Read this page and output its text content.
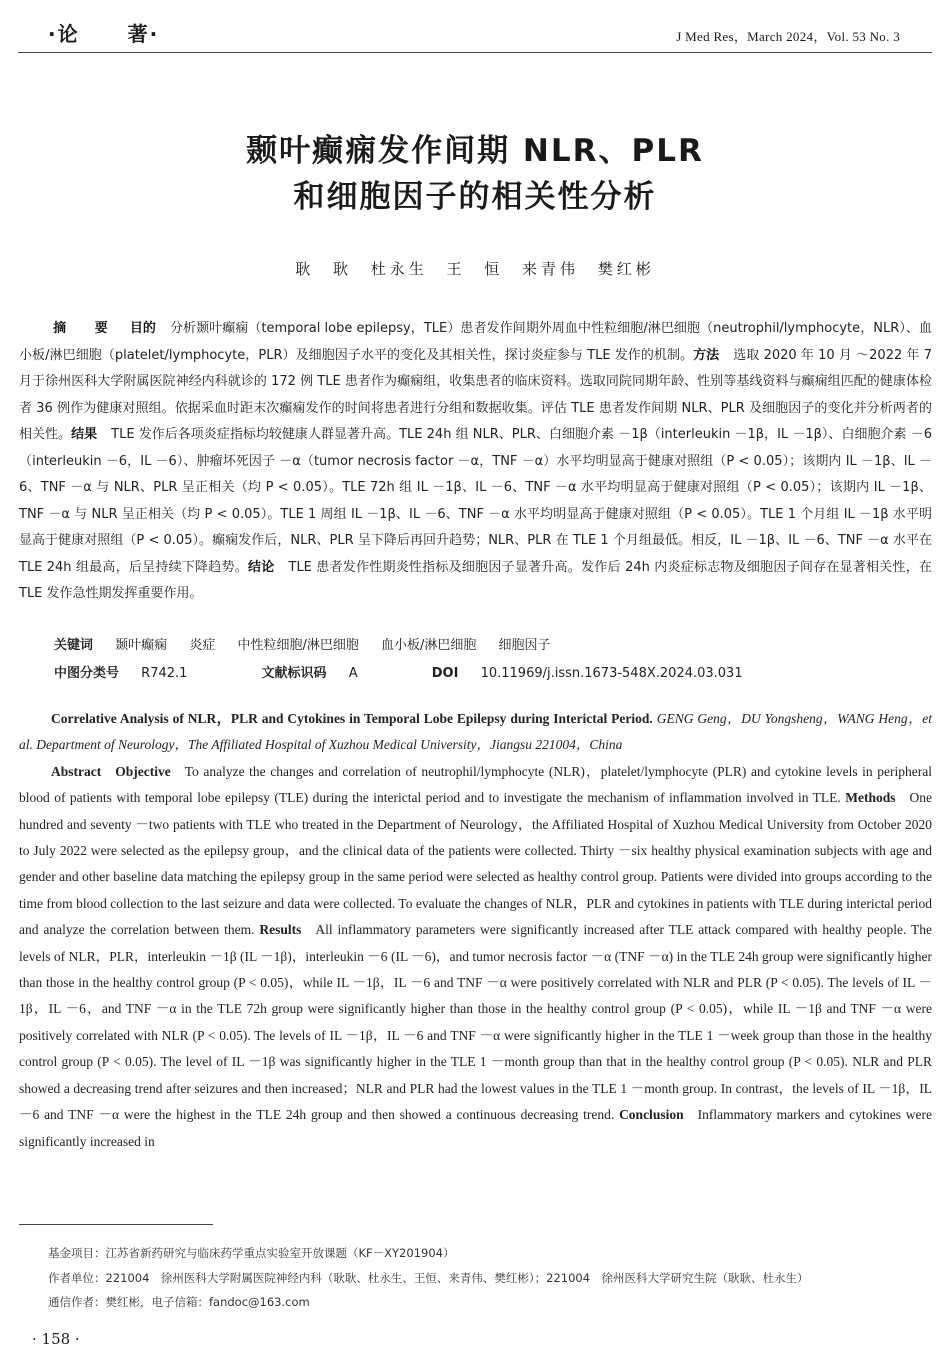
·论 著·	J Med Res，March 2024，Vol. 53 No. 3
颞叶癫痫发作间期 NLR、PLR
和细胞因子的相关性分析
耿 耿 杜永生 王 恒 来青伟 樊红彬
摘 要 目的 分析颞叶癫痫（temporal lobe epilepsy，TLE）患者发作间期外周血中性粒细胞/淋巴细胞（neutrophil/lymphocyte，NLR）、血小板/淋巴细胞（platelet/lymphocyte，PLR）及细胞因子水平的变化及其相关性，探讨炎症参与 TLE 发作的机制。方法 选取 2020 年 10 月 ～2022 年 7 月于徐州医科大学附属医院神经内科就诊的 172 例 TLE 患者作为癫痫组，收集患者的临床资料。选取同院同期年龄、性别等基线资料与癫痫组匹配的健康体检者 36 例作为健康对照组。依据采血时距末次癫痫发作的时间将患者进行分组和数据收集。评估 TLE 患者发作间期 NLR、PLR 及细胞因子的变化并分析两者的相关性。结果 TLE 发作后各项炎症指标均较健康人群显著升高。TLE 24h 组 NLR、PLR、白细胞介素 －1β（interleukin －1β，IL －1β）、白细胞介素 －6（interleukin －6，IL －6）、肿瘤坏死因子 －α（tumor necrosis factor －α，TNF －α）水平均明显高于健康对照组（P < 0.05）；该期内 IL －1β、IL －6、TNF －α 与 NLR、PLR 呈正相关（均 P < 0.05）。TLE 72h 组 IL －1β、IL －6、TNF －α 水平均明显高于健康对照组（P < 0.05）；该期内 IL －1β、TNF －α 与 NLR 呈正相关（均 P < 0.05）。TLE 1 周组 IL －1β、IL －6、TNF －α 水平均明显高于健康对照组（P < 0.05）。TLE 1 个月组 IL －1β 水平明显高于健康对照组（P < 0.05）。癫痫发作后，NLR、PLR 呈下降后再回升趋势；NLR、PLR 在 TLE 1 个月组最低。相反，IL －1β、IL －6、TNF －α 水平在 TLE 24h 组最高，后呈持续下降趋势。结论 TLE 患者发作性期炎性指标及细胞因子显著升高。发作后 24h 内炎症标志物及细胞因子间存在显著相关性，在 TLE 发作急性期发挥重要作用。
关键词 颞叶癫痫 炎症 中性粒细胞/淋巴细胞 血小板/淋巴细胞 细胞因子
中图分类号 R742.1	文献标识码 A	DOI 10.11969/j.issn.1673-548X.2024.03.031

Correlative Analysis of NLR，PLR and Cytokines in Temporal Lobe Epilepsy during Interictal Period. GENG Geng，DU Yongsheng，WANG Heng，et al. Department of Neurology，The Affiliated Hospital of Xuzhou Medical University，Jiangsu 221004，China

Abstract Objective To analyze the changes and correlation of neutrophil/lymphocyte (NLR)，platelet/lymphocyte (PLR) and cytokine levels in peripheral blood of patients with temporal lobe epilepsy (TLE) during the interictal period and to investigate the mechanism of inflammation involved in TLE. Methods One hundred and seventy －two patients with TLE who treated in the Department of Neurology，the Affiliated Hospital of Xuzhou Medical University from October 2020 to July 2022 were selected as the epilepsy group，and the clinical data of the patients were collected. Thirty －six healthy physical examination subjects with age and gender and other baseline data matching the epilepsy group in the same period were selected as healthy control group. Patients were divided into groups according to the time from blood collection to the last seizure and data were collected. To evaluate the changes of NLR，PLR and cytokines in patients with TLE during interictal period and analyze the correlation between them. Results All inflammatory parameters were significantly increased after TLE attack compared with healthy people. The levels of NLR，PLR，interleukin －1β (IL －1β)，interleukin －6 (IL －6)，and tumor necrosis factor －α (TNF －α) in the TLE 24h group were significantly higher than those in the healthy control group (P < 0.05)，while IL －1β，IL －6 and TNF －α were positively correlated with NLR and PLR (P < 0.05). The levels of IL －1β，IL －6，and TNF －α in the TLE 72h group were significantly higher than those in the healthy control group (P < 0.05)，while IL －1β and TNF －α were positively correlated with NLR (P < 0.05). The levels of IL －1β，IL －6 and TNF －α were significantly higher in the TLE 1 －week group than those in the healthy control group (P < 0.05). The level of IL －1β was significantly higher in the TLE 1 －month group than that in the healthy control group (P < 0.05). NLR and PLR showed a decreasing trend after seizures and then increased；NLR and PLR had the lowest values in the TLE 1 －month group. In contrast，the levels of IL －1β，IL －6 and TNF －α were the highest in the TLE 24h group and then showed a continuous decreasing trend. Conclusion Inflammatory markers and cytokines were significantly increased in

基金项目：江苏省新药研究与临床药学重点实验室开放课题（KF－XY201904）
作者单位：221004　徐州医科大学附属医院神经内科（耿耿、杜永生、王恒、来青伟、樊红彬）；221004　徐州医科大学研究生院（耿耿、杜永生）
通信作者：樊红彬，电子信箱：fandoc@163.com
· 158 ·
